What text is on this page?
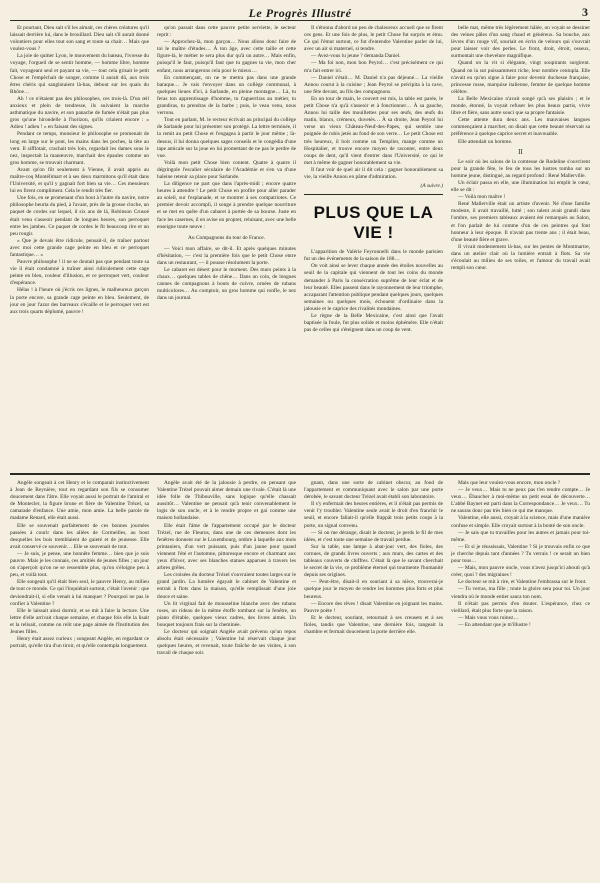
Le Progrès Illustré	3

Et pourtant, Dieu sait s'il les aimait, ces chères créatures qu'il laissait derrière lui, dans le brouillard. Dieu sait s'il aurait donné volontiers pour elles tout son sang et toute sa chair… Mais que voulez-vous ?

La joie de quitter Lyon, le mouvement du bateau, l'ivresse du voyage, l'orgueil de se sentir homme, — homme libre, homme fait, voyageant seul et payant sa vie, — tout cela grisait le petit Chose et l'empêchait de songer, comme il aurait dû, aux trois êtres chéris qui sanglotaient là-bas, debout sur les quais du Rhône…

Ah ! ce n'étaient pas des philosophes, ces trois-là. D'un œil anxieux et plein de tendresse, ils suivaient la marche asthmatique du navire, et son panache de fumée n'était pas plus gros qu'une hirondelle à l'horizon, qu'ils criaient encore : « Adieu ! adieu ! » en faisant des signes.

Pendant ce temps, monsieur le philosophe se promenait de long en large sur le pont, les mains dans les poches, la tête au vent. Il sifflotait, crachait très loin, regardait les dames sous le nez, inspectait la manœuvre, marchait des épaules comme un gros homme, se trouvait charmant.

Avant qu'on fût seulement à Vienne, il avait appris au maître-coq Montélimart et à ses deux marmitons qu'il était dans l'Université, et qu'il y gagnait fort bien sa vie… Ces messieurs lui en firent compliment. Cela le rendit très fier.

Une fois, en se promenant d'un bout à l'autre du navire, notre philosophe heurta du pied, à l'avant, près de la grosse cloche, un paquet de cordes sur lequel, il six ans de là, Robinson Crusoé était venu s'asseoir pendant de longues heures, son perroquet entre les jambes. Ce paquet de cordes le fit beaucoup rire et un peu rougir.

« Que je devais être ridicule, pensait-il, de traîner partout avec moi cette grande cage peinte en bleu et ce perroquet fantastique… »

Pauvre philosophe ! il ne se doutait pas que pendant toute sa vie il était condamné à traîner ainsi ridiculement cette cage peinte en bleu, couleur d'illusion, et ce perroquet vert, couleur d'espérance.

Hélas ! à l'heure où j'écris ces lignes, le malheureux garçon la porte encore, sa grande cage peinte en bleu. Seulement, de jour en jour l'azur des barreaux s'écaille et le perroquet vert est aux trois quarts déplumé, pauvre !

qu'on passait dans cette pauvre petite serviette, le secteur reprit :

— Approchez-là, mon garçon… Nous allons donc faire de toi le maître d'études… À ton âge, avec cette taille et cette figure-là, le métier te sera plus dur qu'à un autre… Mais enfin, puisqu'il le faut, puisqu'il faut que tu gagnes ta vie, mon cher enfant, nous arrangerons cela pour le mieux…

En commençant, on ne te mettra pas dans une grande baraque… Je vais t'envoyer dans un collège communal, à quelques lieues d'ici, à Sarlande, en pleine montagne… Là, tu feras ton apprentissage d'homme, tu t'aguerriras au métier, tu grandiras, tu prendras de la barbe ; puis, le veau venu, nous verrons.

Tout en parlant, M. le recteur écrivait au principal du collège de Sarlande pour lui présenter son protégé. La lettre terminée, il la remit au petit Chose et l'engagea à partir le jour même ; là-dessus, il lui donna quelques sages conseils et le congédia d'une tape amicale sur la joue en lui promettant de ne pas le perdre de vue.

Voilà mon petit Chose bien content. Quatre à quatre il dégringole l'escalier séculaire de l'Académie et s'en va d'une haleine retenir sa place pour Sarlande.

La diligence ne part que dans l'après-midi ; encore quatre heures à attendre ! Le petit Chose en profite pour aller parader au soleil, sur l'esplanade, et se montrer à ses compatriotes. Ce premier devoir accompli, il songe à prendre quelque nourriture et se met en quête d'un cabaret à portée de sa bourse. Juste en face les casernes, il en avise un propret, reluisant, avec une belle enseigne toute neuve :

Au Compagnons du tour de France.

— Voici mon affaire, se dit-il. Et après quelques minutes d'hésitation, — c'est la première fois que le petit Chose entre dans un restaurant, — il pousse résolument la porte.

Le cabaret est désert pour le moment. Des murs peints à la chaux… quelques tables de chêne… Dans un coin, de longues cannes de compagnons à bouts de cuivre, ornées de rubans multicolores… Au comptoir, un gros homme qui ronfle, le nez dans un journal.

Il s'étonna d'abord un peu de chaleureux accueil que se firent ces gens. Et une fois de plus, le petit Chose fut surpris et ému. Ce qui l'émut surtout, ce fut d'entendre Valentine parler de lui, avec un air si maternel, si tendre.

— Avez-vous lu jeune ? demanda Daniel.

— Ma foi non, mon bon Peyrol… c'est précisément ce qui m'a fait entrer ici.

— Daniel s'était… M. Daniel n'a pas déjeuné… La vieille Annou courut à la cuisine ; Jean Peyrol se précipita à la cave, une fête devant, au fils des compagnons.

En un tour de main, le couvert est mis, la table est parée, le petit Chose n'a qu'à s'asseoir et à fonctionner… À sa gauche, Annou lui taille des mouillettes pour ses œufs, des œufs du matin, blancs, crémeux, duvetés… À sa droite, Jean Peyrol lui verse un vieux Château-Neuf-des-Papes, qui semble une poignée de rubis jetés au fond de son verre… Le petit Chose est très heureux, il boit comme un Templier, mange comme un Hospitalier, et trouve encore moyen de raconter, entre deux coups de dent, qu'il vient d'entrer dans l'Université, ce qui le met à même de gagner honorablement sa vie.

Il faut voir de quel air il dit cela : gagner honorablement sa vie, la vieille Annou en pâme d'admiration.

(A suivre.)

PLUS QUE LA VIE !

L'apparition de Valérie Feyronnelli dans le monde parisien fut un des événements de la saison de 188…

On voit ainsi se lever chaque année des étoiles nouvelles au seuil de la capitale qui viennent de tout les coins du monde demander à Paris la consécration suprême de leur éclat et de leur beauté. Elles passent dans le rayonnement de leur triomphe, accaparant l'attention publique pendant quelques jours, quelques semaines ou quelques mois, échouent d'ordinaire dans la jalousie et le caprice des rivalités mondaines.

Le règne de la Belle Mexicaine, c'est ainsi que l'avait baptisée la foule, fut plus solide et moins éphémère. Elle n'était pas de celles qui s'éteignent dans un coup de vent.

belle mat, même très légèrement hâlée, on voyait se dessiner des veines pâles d'un sang chaud et généreux. Sa bouche, aux lèvres d'un rouge vif, souriait en écrin de velours qui s'ouvrait pour laisser voir des perles. Le front, droit, étroit, osseux, surmontait une chevelure magnifique.

Quand on la vit si élégante, vingt soupirants surgirent. Quand on la sut puissamment riche, leur nombre centupla. Elle n'avait eu qu'un signe à faire pour devenir duchesse française, princesse russe, marquise italienne, femme de quelque homme célèbre.

La Belle Mexicaine n'avait songé qu'à ses plaisirs ; et le monde, étonné, la voyait refuser les plus beaux partis, vivre libre et fière, sans autre souci que sa propre fantaisie.

Cette attente dura deux ans. Les mauvaises langues commençaient à marcher, on disait que cette beauté réservait sa préférence à quelque caprice secret et inavouable.

Elle attendait un homme.

II

Le soir où les salons de la comtesse de Rodeline s'ouvrirent pour la grande fête, le feu de tous les lustres tomba sur un homme jeune, distingué, au regard profond : René Mallerville.

Un éclair passa en elle, une illumination lui emplit le cœur, elle se dit :

— Voilà mon maître !

René Mallerville était un artiste d'avenir. Né d'une famille modeste, il avait travaillé, lutté ; son talent avait grandi dans l'ombre, ses premiers tableaux avaient été remarqués au Salon, et l'on parlait de lui comme d'un de ces peintres qui font honneur à leur époque. Il n'avait pas trente ans ; il était beau, d'une beauté fière et grave.

Il vivait modestement là-bas, sur les pentes de Montmartre, dans un atelier clair où la lumière entrait à flots. Sa vie s'écoulait au milieu de ses toiles, et l'amour du travail avait rempli son cœur.

Angèle songeait à cet Henry et le comparait instinctivement à Jean de Reynière, tout en regardant son fils se consumer doucement dans l'âtre. Elle voyait aussi le portrait de l'amiral et de Montecler, la figure brune et fière de Valentine Trézel, sa camarade d'enfance. Une amie, mon amie. La belle parole de madame Renard, elle était aussi.

Elle se souvenait parfaitement de ces bonnes journées passées à courir dans les allées de Cormeilles, au bout desquelles les bois tremblaient de gaieté et de jeunesse. Elle avait conservé ce souvenir… Elle se souvenait de tout.

— Je suis, je pense, une honnête femme… bien que je sois pauvre. Mais je les connais, ces amitiés de jeunes filles ; un jour on s'aperçoit qu'on ne se ressemble plus, qu'on s'éloigne peu à peu, et voilà tout.

Elle songeait qu'il était bien seul, le pauvre Henry, au milieu de tout ce monde. Ce qui l'inquiétait surtout, c'était l'avenir : que deviendrait-il, si elle venait à lui manquer ? Pourquoi ne pas le confier à Valentine ?

Elle le laissait ainsi dormir, et se mit à faire la lecture. Une lettre d'elle arrivait chaque semaine, et chaque fois elle la lisait et la relisait, comme on relit une page aimée de l'Institution des Jeunes filles.

Henry était assez curieux ; songeant Angèle, en regardant ce portrait, qu'elle tira d'un tiroir, et qu'elle contempla longuement.

Angèle avait été de la jalousie à perdre, en pensant que Valentine Trézel pouvait aimer demain une rivale. C'était là une idée folle de Thibouville, sans logique qu'elle chassait aussitôt… Valentine ne pensait qu'à tenir convenablement le logis de son oncle, et à le rendre propre et gai comme une maison hollandaise.

Elle était l'âme de l'appartement occupé par le docteur Trézel, rue de Fleurus, dans une de ces demeures dont les fenêtres donnent sur le Luxembourg, ombre à laquelle aux mois printaniers, d'un vert puissant, puis d'un jaune pour quand viennent l'été et l'automne, pittoresque encore et charmant aux yeux d'hiver, avec ses blanches statues apparues à travers les arbres grêles.

Les croisées du docteur Trézel s'ouvraient toutes larges sur le grand jardin. La lumière égayait le cabinet de Valentine et entrait à flots dans la maison, qu'elle remplissait d'une joie douce et saine.

Un lit virginal fait de mousseline blanche avec des rubans roses, un rideau de la même étoffe tombant sur la fenêtre, un piano d'érable, quelques vieux cadres, des livres aimés. Un bouquet toujours frais sur la cheminée.

Le docteur qui soignait Angèle avait prévenu qu'un repos absolu était nécessaire ; Valentine lui réservait chaque jour quelques heures, et revenait, toute fraîche de ses visites, à son travail de chaque soir.

gnant, dans une sorte de cabinet obscur, au fond de l'appartement et communiquant avec le salon par une porte dérobée, le savant docteur Trézel avait établi son laboratoire.

Il s'y enfermait des heures entières, et il n'était pas permis de venir l'y troubler. Valentine seule avait le droit d'en franchir le seuil, et encore fallait-il qu'elle frappât trois petits coups à la porte, un signal convenu.

— Si on me dérange, disait le docteur, je perds le fil de mes idées, et c'est toute une semaine de travail perdue.

Sur la table, une lampe à abat-jour vert, des fioles, des cornues, de grands livres ouverts ; aux murs, des cartes et des tableaux couverts de chiffres. C'était là que le savant cherchait le secret de la vie, ce problème éternel qui tourmente l'humanité depuis ses origines.

— Peut-être, disait-il en souriant à sa nièce, trouverai-je quelque jour le moyen de rendre les hommes plus forts et plus heureux.

— Encore des rêves ! disait Valentine en joignant les mains. Pauvre poète !

Et le docteur, souriant, retournait à ses creusets et à ses fioles, tandis que Valentine, une dernière fois, rangeait la chambre et fermait doucement la porte derrière elle.

Mais que leur voulez-vous encore, mon oncle ?

— Je veux… Mais tu ne peux pas t'en rendre compte… Je veux… Ébaucher à moi-même un petit essai de découverte… L'abbé Baynet est parti dans la Correspondance… Je veux… Tu ne sauras donc pas très bien ce qui me manque.

Valentine, elle aussi, croyait à la science, mais d'une manière confuse et simple. Elle croyait surtout à la bonté de son oncle.

— Je sais que tu travailles pour les autres et jamais pour toi-même.

— Et si je réussissais, Valentine ? Si je trouvais enfin ce que je cherche depuis tant d'années ? Tu verrais ! ce serait un bien pour tous…

— Mais, mon pauvre oncle, vous n'avez jusqu'ici abouti qu'à créer, quoi ? des migraines !

Le docteur se mit à rire, et Valentine l'embrassa sur le front.

— Tu verras, ma fille ; toute la gloire sera pour toi. Un jour viendra où le monde entier saura ton nom.

Il n'était pas permis d'en douter. L'espérance, chez ce vieillard, était plus forte que la raison.

— Mais vous vous ruinez…

— En attendant que je m'illustre !
